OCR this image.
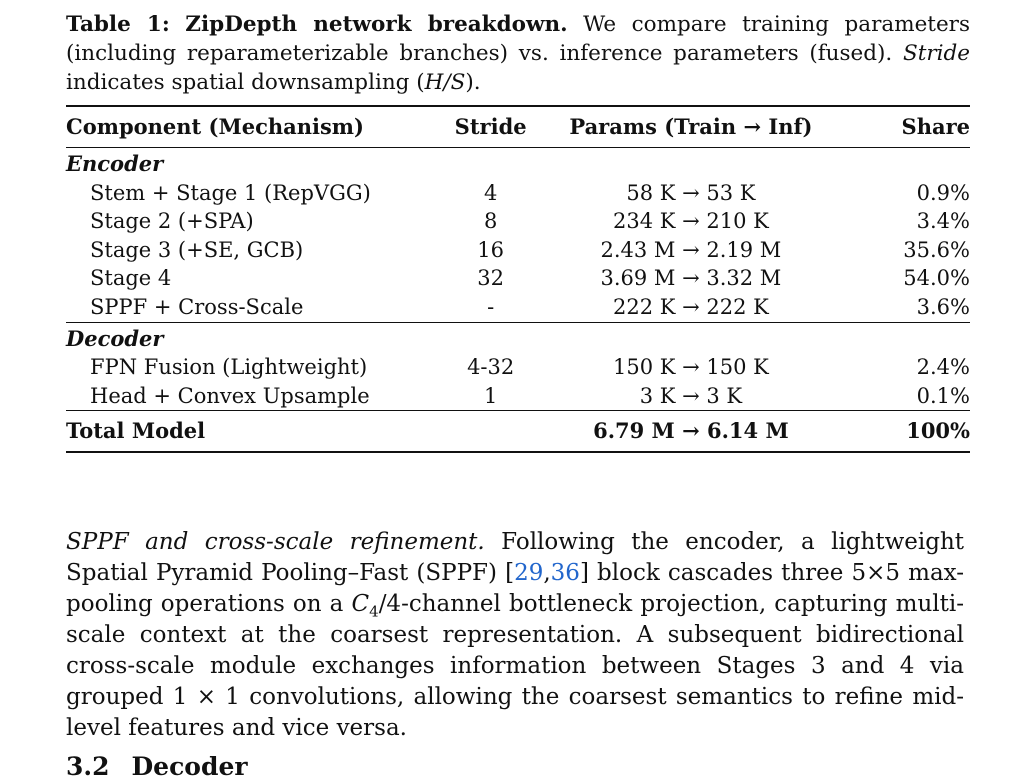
Table 1: ZipDepth network breakdown. We compare training parameters (including reparameterizable branches) vs. inference parameters (fused). Stride indicates spatial downsampling (H/S).

Component (Mechanism)	Stride	Params (Train → Inf)	Share
Encoder			
Stem + Stage 1 (RepVGG)	4	58 K → 53 K	0.9%
Stage 2 (+SPA)	8	234 K → 210 K	3.4%
Stage 3 (+SE, GCB)	16	2.43 M → 2.19 M	35.6%
Stage 4	32	3.69 M → 3.32 M	54.0%
SPPF + Cross-Scale	-	222 K → 222 K	3.6%
Decoder			
FPN Fusion (Lightweight)	4-32	150 K → 150 K	2.4%
Head + Convex Upsample	1	3 K → 3 K	0.1%
Total Model		6.79 M → 6.14 M	100%

SPPF and cross-scale refinement. Following the encoder, a lightweight Spatial Pyramid Pooling–Fast (SPPF) [29,36] block cascades three 5×5 max-pooling operations on a $C_4/4$-channel bottleneck projection, capturing multi-scale context at the coarsest representation. A subsequent bidirectional cross-scale module exchanges information between Stages 3 and 4 via grouped 1 × 1 convolutions, allowing the coarsest semantics to refine mid-level features and vice versa.

3.2 Decoder
